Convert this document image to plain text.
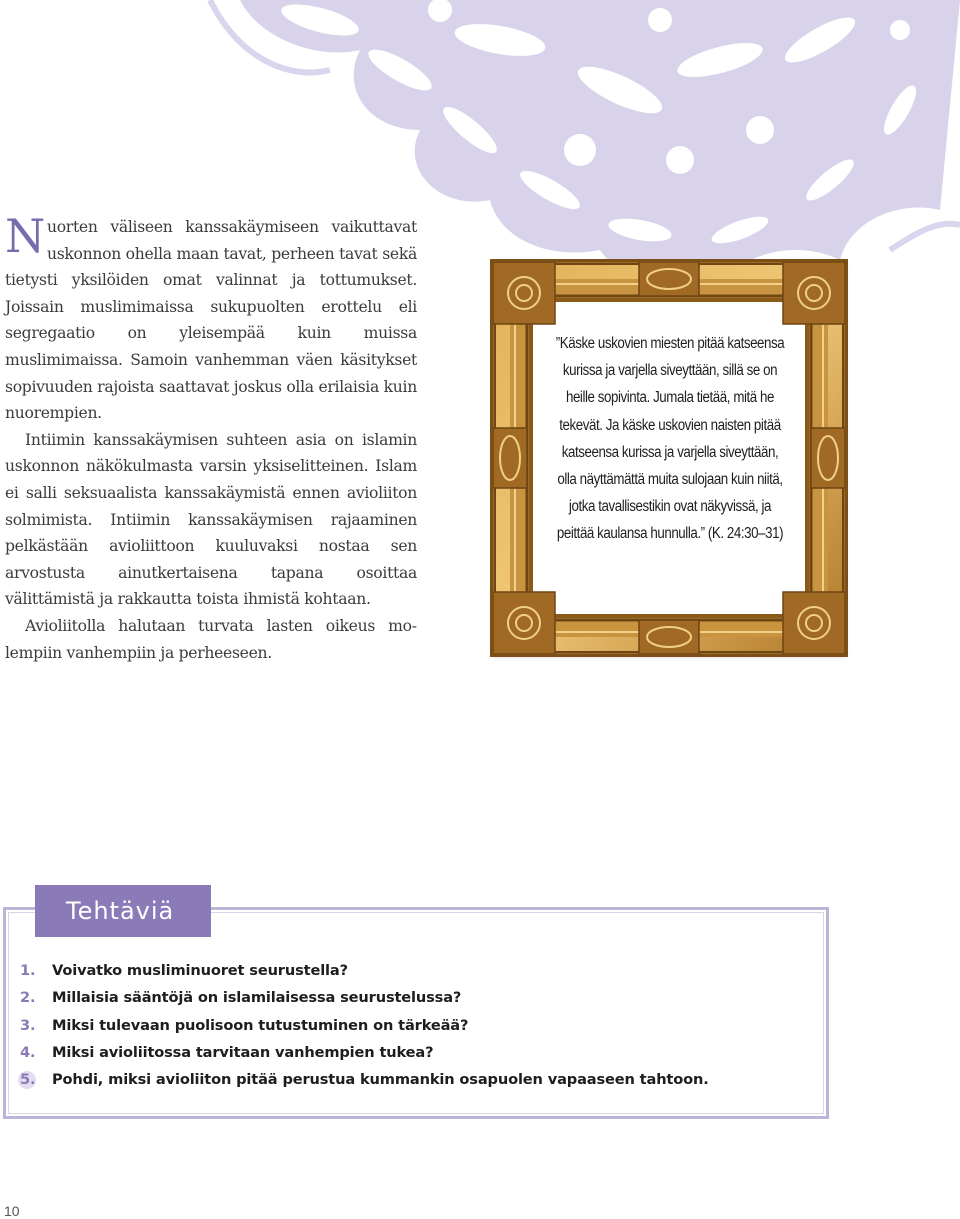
Nuorten väliseen kanssakäymiseen vaikuttavat uskonnon ohella maan tavat, perheen tavat sekä tietysti yksilöiden omat valinnat ja tottumukset. Joissain muslimimaissa sukupuolten erottelu eli segregaatio on yleisempää kuin muissa muslimimaissa. Samoin vanhemman väen käsitykset sopivuuden rajoista saattavat joskus olla erilaisia kuin nuorempien.

Intiimin kanssakäymisen suhteen asia on islamin uskonnon näkökulmasta varsin yksiselitteinen. Islam ei salli seksuaalista kanssakäymistä ennen avioliiton solmimista. Intiimin kanssakäymisen rajaaminen pelkästään avioliittoon kuuluvaksi nostaa sen arvostusta ainutkertaisena tapana osoittaa välittämistä ja rakkautta toista ihmistä kohtaan.

Avioliitolla halutaan turvata lasten oikeus molempiin vanhempiin ja perheeseen.

”Käske uskovien miesten pitää katseensa kurissa ja varjella siveyttään, sillä se on heille sopivinta. Jumala tietää, mitä he tekevät. Ja käske uskovien naisten pitää katseensa kurissa ja varjella siveyttään, olla näyttämättä muita sulojaan kuin niitä, jotka tavallisestikin ovat näkyvissä, ja peittää kaulansa hunnulla.” (K. 24:30–31)
Tehtäviä
1. Voivatko musliminuoret seurustella?
2. Millaisia sääntöjä on islamilaisessa seurustelussa?
3. Miksi tulevaan puolisoon tutustuminen on tärkeää?
4. Miksi avioliitossa tarvitaan vanhempien tukea?
5. Pohdi, miksi avioliiton pitää perustua kummankin osapuolen vapaaseen tahtoon.
10
